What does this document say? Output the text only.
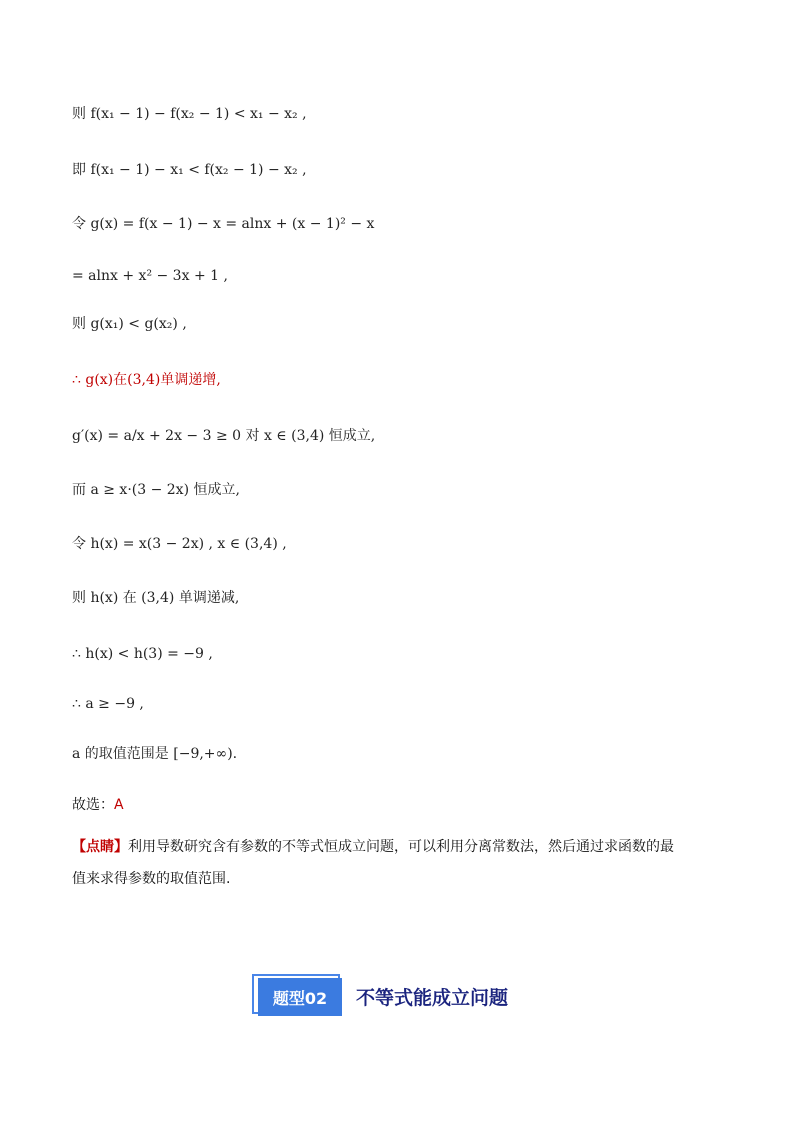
则 f(x₁ − 1) − f(x₂ − 1) < x₁ − x₂ ,
即 f(x₁ − 1) − x₁ < f(x₂ − 1) − x₂ ,
令 g(x) = f(x − 1) − x = alnx + (x − 1)² − x
= alnx + x² − 3x + 1 ,
则 g(x₁) < g(x₂) ,
∴ g(x)在(3,4)单调递增,
g′(x) = a/x + 2x − 3 ≥ 0 对 x ∈ (3,4) 恒成立,
而 a ≥ x·(3 − 2x) 恒成立,
令 h(x) = x(3 − 2x) , x ∈ (3,4) ,
则 h(x) 在 (3,4) 单调递减,
∴ h(x) < h(3) = −9 ,
∴ a ≥ −9 ,
a 的取值范围是 [−9,+∞).
故选：A
【点睛】利用导数研究含有参数的不等式恒成立问题，可以利用分离常数法，然后通过求函数的最
值来求得参数的取值范围.
题型02	不等式能成立问题
